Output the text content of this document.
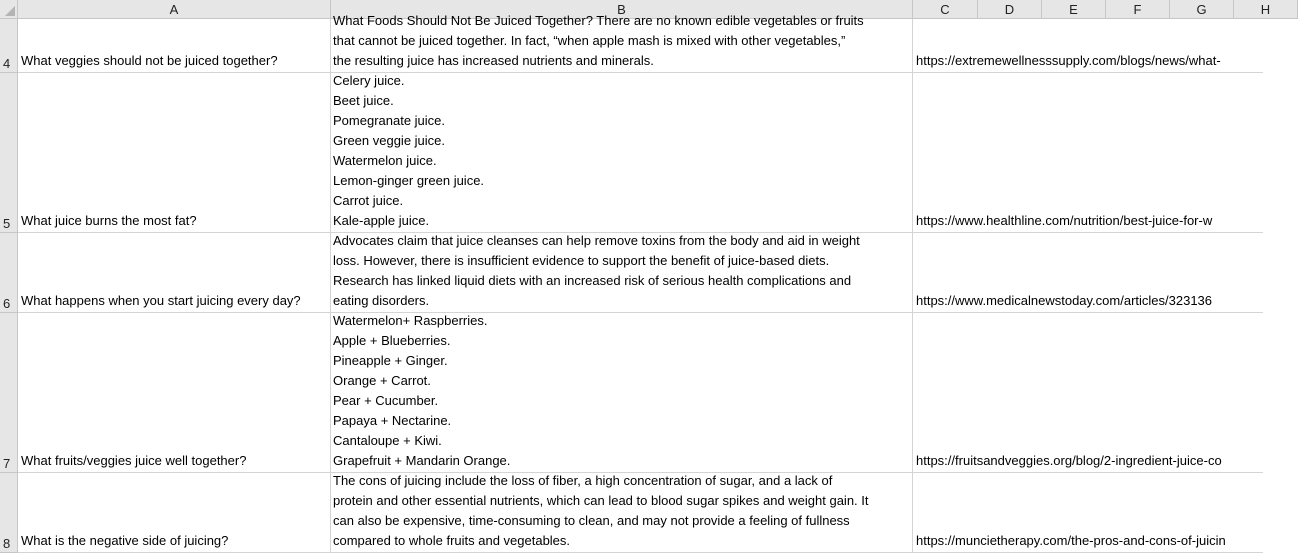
A	B	C	D	E	F	G	H
4 What veggies should not be juiced together?
What Foods Should Not Be Juiced Together? There are no known edible vegetables or fruits
that cannot be juiced together. In fact, “when apple mash is mixed with other vegetables,”
the resulting juice has increased nutrients and minerals.	https://extremewellnesssupply.com/blogs/news/what-
5 What juice burns the most fat?
Celery juice.
Beet juice.
Pomegranate juice.
Green veggie juice.
Watermelon juice.
Lemon-ginger green juice.
Carrot juice.
Kale-apple juice.	https://www.healthline.com/nutrition/best-juice-for-w
6 What happens when you start juicing every day?
Advocates claim that juice cleanses can help remove toxins from the body and aid in weight
loss. However, there is insufficient evidence to support the benefit of juice-based diets.
Research has linked liquid diets with an increased risk of serious health complications and
eating disorders.	https://www.medicalnewstoday.com/articles/323136
7 What fruits/veggies juice well together?
Watermelon+ Raspberries.
Apple + Blueberries.
Pineapple + Ginger.
Orange + Carrot.
Pear + Cucumber.
Papaya + Nectarine.
Cantaloupe + Kiwi.
Grapefruit + Mandarin Orange.	https://fruitsandveggies.org/blog/2-ingredient-juice-co
8 What is the negative side of juicing?
The cons of juicing include the loss of fiber, a high concentration of sugar, and a lack of
protein and other essential nutrients, which can lead to blood sugar spikes and weight gain. It
can also be expensive, time-consuming to clean, and may not provide a feeling of fullness
compared to whole fruits and vegetables.	https://muncietherapy.com/the-pros-and-cons-of-juicin
